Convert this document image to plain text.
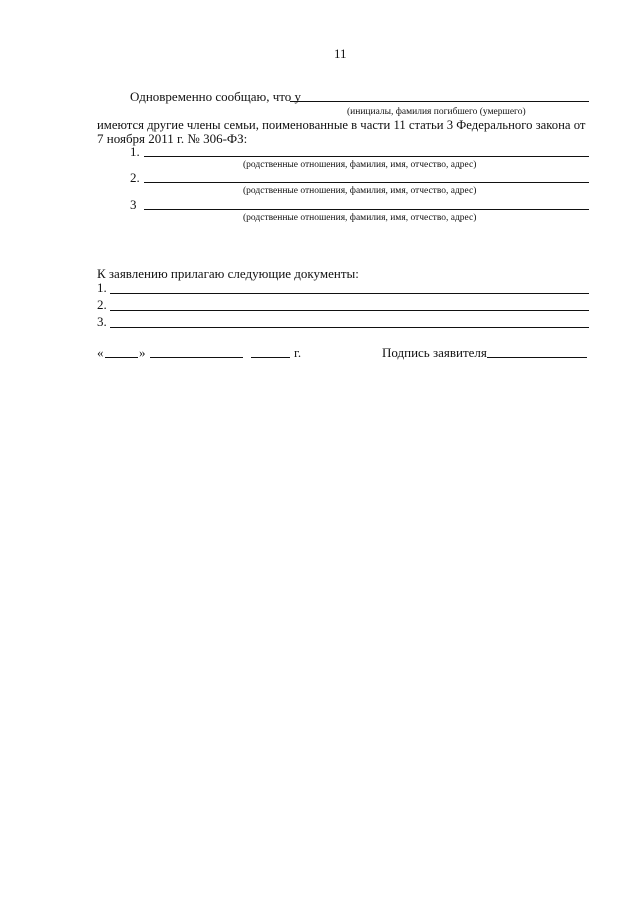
11
Одновременно сообщаю, что у
(инициалы, фамилия погибшего (умершего)
имеются другие члены семьи, поименованные в части 11 статьи 3 Федерального закона от
7 ноября 2011 г. № 306-ФЗ:
1.
(родственные отношения, фамилия, имя, отчество, адрес)
2.
(родственные отношения, фамилия, имя, отчество, адрес)
3
(родственные отношения, фамилия, имя, отчество, адрес)
К заявлению прилагаю следующие документы:
1.
2.
3.
«	»	г.	Подпись заявителя
